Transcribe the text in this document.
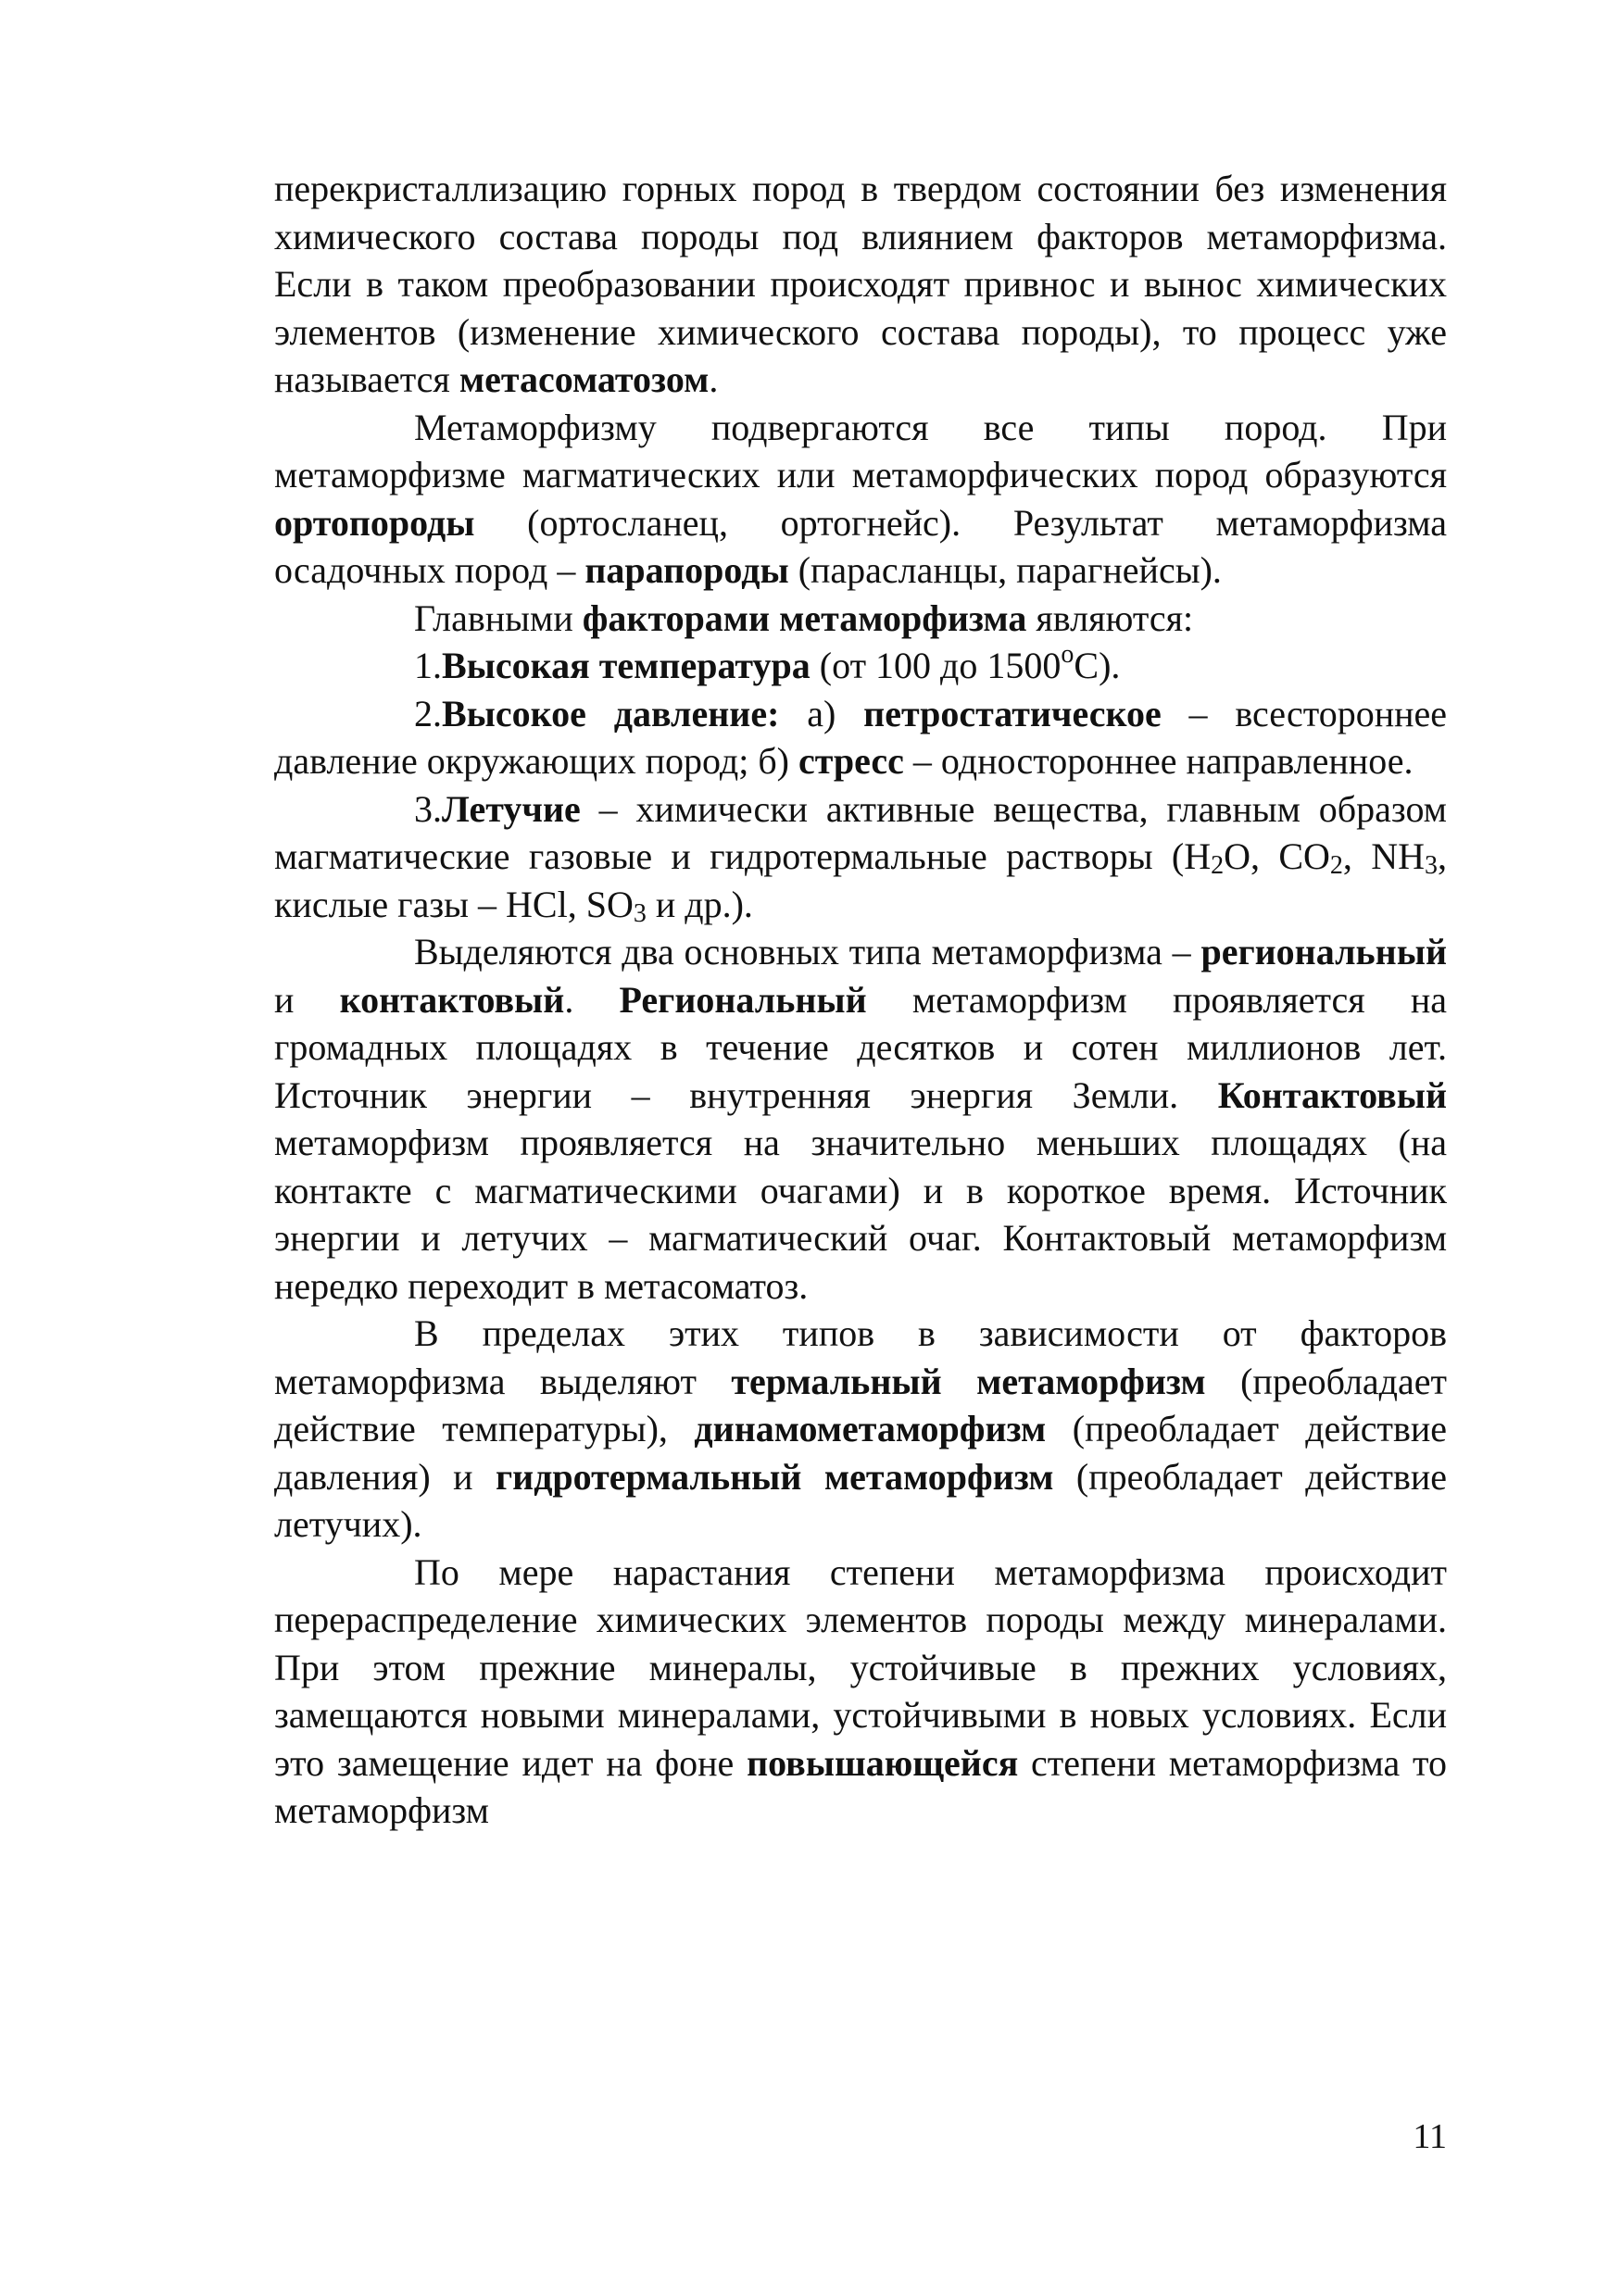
перекристаллизацию горных пород в твердом состоянии без изменения химического состава породы под влиянием факторов метаморфизма. Если в таком преобразовании происходят привнос и вынос химических элементов (изменение химического состава породы), то процесс уже называется метасоматозом.

Метаморфизму подвергаются все типы пород. При метаморфизме магматических или метаморфических пород образуются ортопороды (ортосланец, ортогнейс). Результат метаморфизма осадочных пород – парапороды (парасланцы, парагнейсы).

Главными факторами метаморфизма являются:

1.Высокая температура (от 100 до $1500^оС$).

2.Высокое давление: а) петростатическое – всестороннее давление окружающих пород; б) стресс – одностороннее направленное.

3.Летучие – химически активные вещества, главным образом магматические газовые и гидротермальные растворы ($H_2O$, $CO_2$, $NH_3$, кислые газы – HCl, $SO_3$ и др.).

Выделяются два основных типа метаморфизма – региональный и контактовый. Региональный метаморфизм проявляется на громадных площадях в течение десятков и сотен миллионов лет. Источник энергии – внутренняя энергия Земли. Контактовый метаморфизм проявляется на значительно меньших площадях (на контакте с магматическими очагами) и в короткое время. Источник энергии и летучих – магматический очаг. Контактовый метаморфизм нередко переходит в метасоматоз.

В пределах этих типов в зависимости от факторов метаморфизма выделяют термальный метаморфизм (преобладает действие температуры), динамометаморфизм (преобладает действие давления) и гидротермальный метаморфизм (преобладает действие летучих).

По мере нарастания степени метаморфизма происходит перераспределение химических элементов породы между минералами. При этом прежние минералы, устойчивые в прежних условиях, замещаются новыми минералами, устойчивыми в новых условиях. Если это замещение идет на фоне повышающейся степени метаморфизма то метаморфизм

11
